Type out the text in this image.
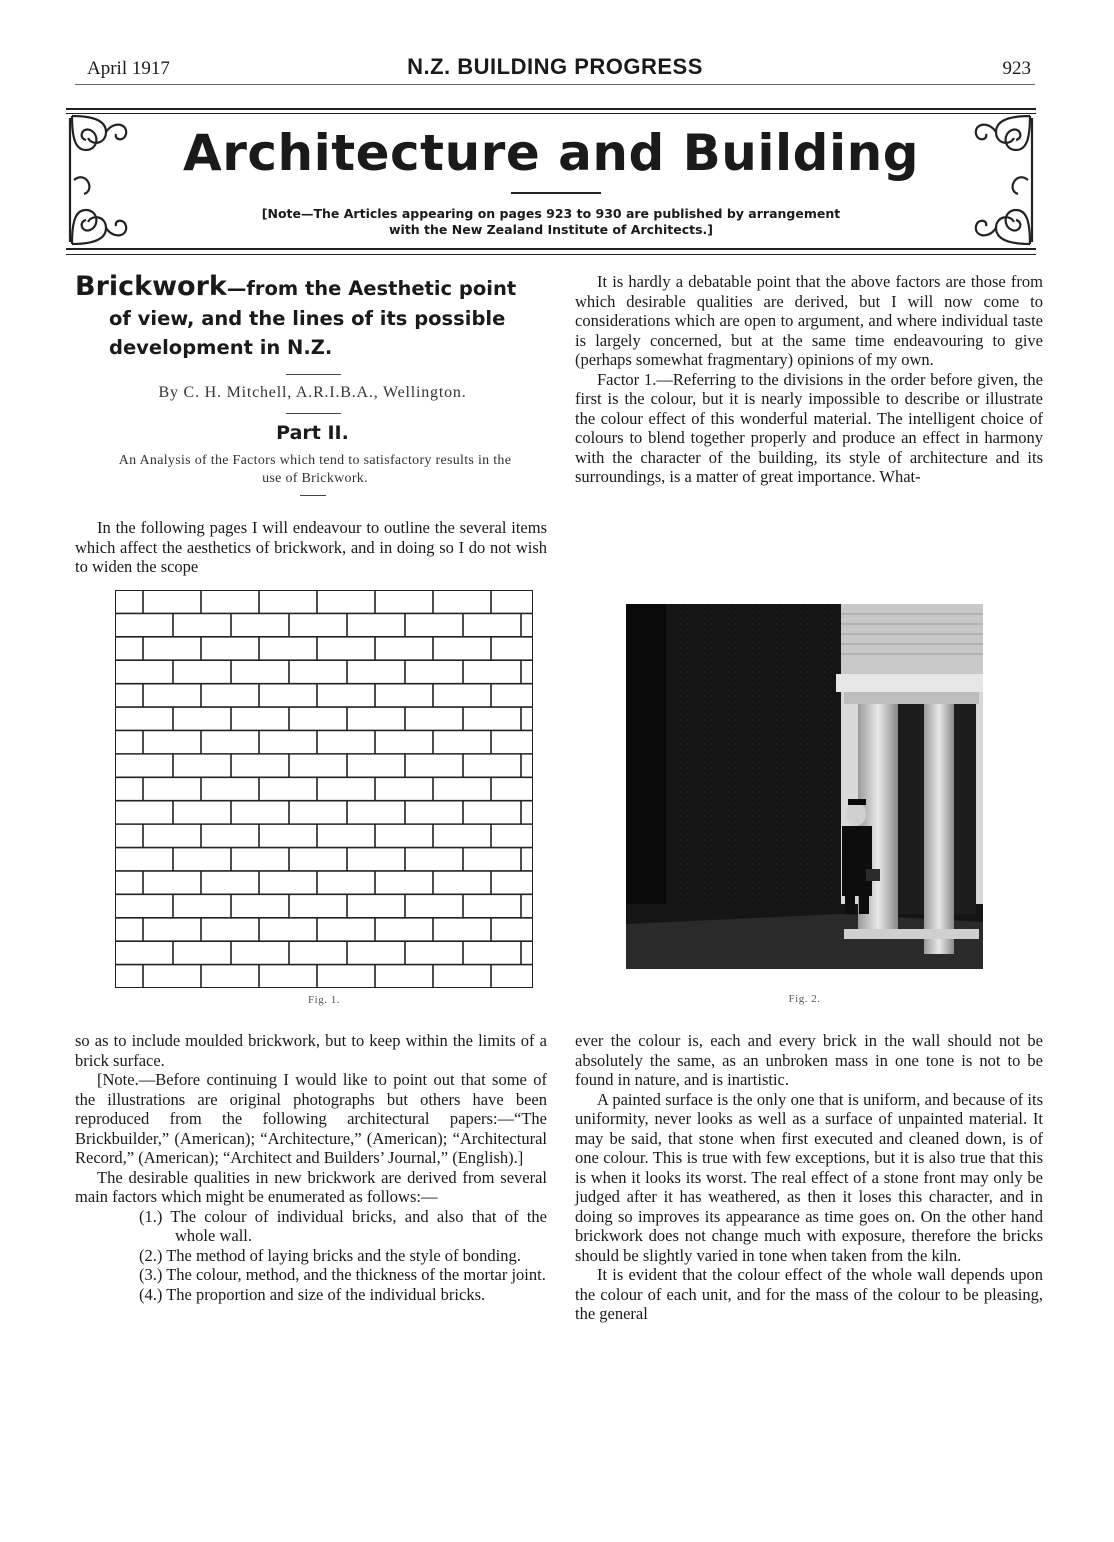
April 1917	N.Z. BUILDING PROGRESS	923
Architecture and Building
[Note—The Articles appearing on pages 923 to 930 are published by arrangement
with the New Zealand Institute of Architects.]
Brickwork—from the Aesthetic point
of view, and the lines of its possible
development in N.Z.
By C. H. Mitchell, A.R.I.B.A., Wellington.
Part II.
An Analysis of the Factors which tend to satisfactory results in the use of Brickwork.
In the following pages I will endeavour to outline the several items which affect the aesthetics of brickwork, and in doing so I do not wish to widen the scope
Fig. 1.
It is hardly a debatable point that the above factors are those from which desirable qualities are derived, but I will now come to considerations which are open to argument, and where individual taste is largely concerned, but at the same time endeavouring to give (perhaps somewhat fragmentary) opinions of my own.
Factor 1.—Referring to the divisions in the order before given, the first is the colour, but it is nearly impossible to describe or illustrate the colour effect of this wonderful material. The intelligent choice of colours to blend together properly and produce an effect in harmony with the character of the building, its style of architecture and its surroundings, is a matter of great importance. What-
Fig. 2.
so as to include moulded brickwork, but to keep within the limits of a brick surface.
[Note.—Before continuing I would like to point out that some of the illustrations are original photographs but others have been reproduced from the following architectural papers:—“The Brickbuilder,” (American); “Architecture,” (American); “Architectural Record,” (American); “Architect and Builders’ Journal,” (English).]
The desirable qualities in new brickwork are derived from several main factors which might be enumerated as follows:—
(1.) The colour of individual bricks, and also that of the whole wall.
(2.) The method of laying bricks and the style of bonding.
(3.) The colour, method, and the thickness of the mortar joint.
(4.) The proportion and size of the individual bricks.
ever the colour is, each and every brick in the wall should not be absolutely the same, as an unbroken mass in one tone is not to be found in nature, and is inartistic.
A painted surface is the only one that is uniform, and because of its uniformity, never looks as well as a surface of unpainted material. It may be said, that stone when first executed and cleaned down, is of one colour. This is true with few exceptions, but it is also true that this is when it looks its worst. The real effect of a stone front may only be judged after it has weathered, as then it loses this character, and in doing so improves its appearance as time goes on. On the other hand brickwork does not change much with exposure, therefore the bricks should be slightly varied in tone when taken from the kiln.
It is evident that the colour effect of the whole wall depends upon the colour of each unit, and for the mass of the colour to be pleasing, the general
